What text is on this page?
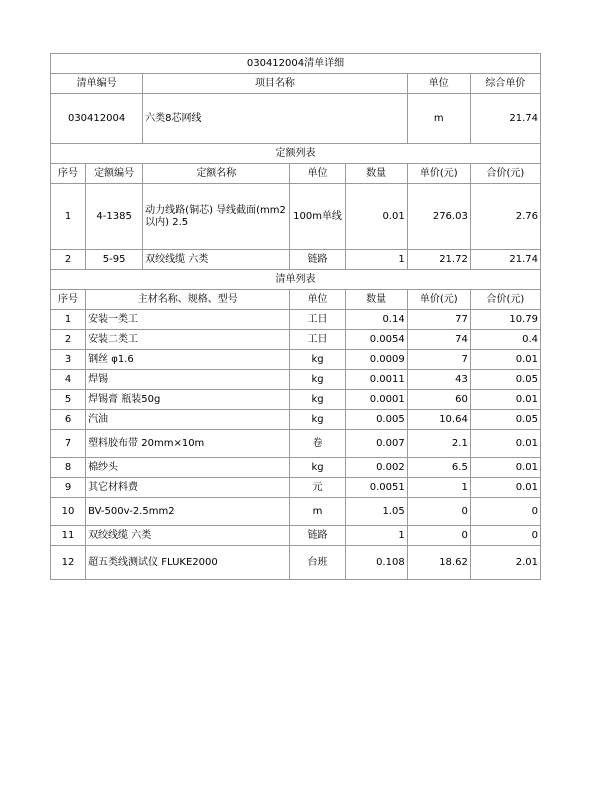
030412004清单详细						
清单编号		项目名称			单位	综合单价
030412004		六类8芯网线			m	21.74
定额列表						
序号	定额编号	定额名称	单位	数量	单价(元)	合价(元)
1	4-1385	动力线路(铜芯) 导线截面(mm2以内) 2.5	100m单线	0.01	276.03	2.76
2	5-95	双绞线缆 六类	链路	1	21.72	21.74
清单列表						
序号	主材名称、规格、型号		单位	数量	单价(元)	合价(元)
1	安装一类工		工日	0.14	77	10.79
2	安装二类工		工日	0.0054	74	0.4
3	钢丝 φ1.6		kg	0.0009	7	0.01
4	焊锡		kg	0.0011	43	0.05
5	焊锡膏 瓶装50g		kg	0.0001	60	0.01
6	汽油		kg	0.005	10.64	0.05
7	塑料胶布带 20mm×10m		卷	0.007	2.1	0.01
8	棉纱头		kg	0.002	6.5	0.01
9	其它材料费		元	0.0051	1	0.01
10	BV-500v-2.5mm2		m	1.05	0	0
11	双绞线缆 六类		链路	1	0	0
12	超五类线测试仪 FLUKE2000		台班	0.108	18.62	2.01
